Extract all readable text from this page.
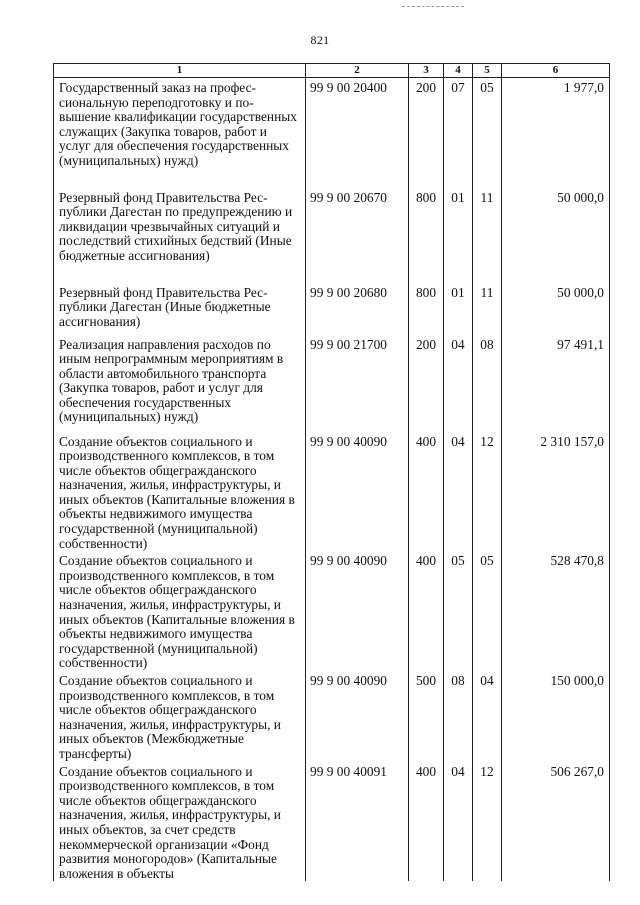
821
1	2	3	4	5	6
Государственный заказ на профессиональную переподготовку и повышение квалификации государственных служащих (Закупка товаров, работ и услуг для обеспечения государственных (муниципальных) нужд)	99 9 00 20400	200	07	05	1 977,0
Резервный фонд Правительства Республики Дагестан по предупреждению и ликвидации чрезвычайных ситуаций и последствий стихийных бедствий (Иные бюджетные ассигнования)	99 9 00 20670	800	01	11	50 000,0
Резервный фонд Правительства Республики Дагестан (Иные бюджетные ассигнования)	99 9 00 20680	800	01	11	50 000,0
Реализация направления расходов по иным непрограммным мероприятиям в области автомобильного транспорта (Закупка товаров, работ и услуг для обеспечения государственных (муниципальных) нужд)	99 9 00 21700	200	04	08	97 491,1
Создание объектов социального и производственного комплексов, в том числе объектов общегражданского назначения, жилья, инфраструктуры, и иных объектов (Капитальные вложения в объекты недвижимого имущества государственной (муниципальной) собственности)	99 9 00 40090	400	04	12	2 310 157,0
Создание объектов социального и производственного комплексов, в том числе объектов общегражданского назначения, жилья, инфраструктуры, и иных объектов (Капитальные вложения в объекты недвижимого имущества государственной (муниципальной) собственности)	99 9 00 40090	400	05	05	528 470,8
Создание объектов социального и производственного комплексов, в том числе объектов общегражданского назначения, жилья, инфраструктуры, и иных объектов (Межбюджетные трансферты)	99 9 00 40090	500	08	04	150 000,0
Создание объектов социального и производственного комплексов, в том числе объектов общегражданского назначения, жилья, инфраструктуры, и иных объектов, за счет средств некоммерческой организации «Фонд развития моногородов» (Капитальные вложения в объекты	99 9 00 40091	400	04	12	506 267,0
